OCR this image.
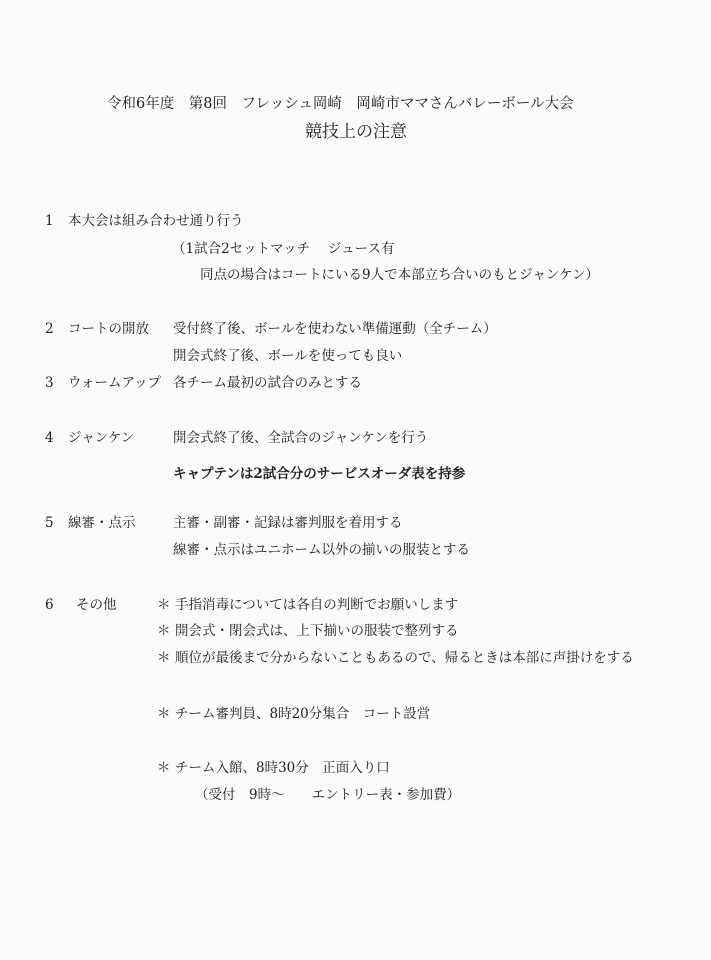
令和6年度　第8回　フレッシュ岡崎　岡崎市ママさんバレーボール大会
競技上の注意
1 本大会は組み合わせ通り行う
（1試合2セットマッチ　 ジュース有
同点の場合はコートにいる9人で本部立ち合いのもとジャンケン）
2 コートの開放 受付終了後、ボールを使わない準備運動（全チーム）
開会式終了後、ボールを使っても良い
3 ウォームアップ 各チーム最初の試合のみとする
4 ジャンケン	開会式終了後、全試合のジャンケンを行う
キャプテンは2試合分のサービスオーダ表を持参
5 線審・点示	主審・副審・記録は審判服を着用する
線審・点示はユニホーム以外の揃いの服装とする
6 その他	＊ 手指消毒については各自の判断でお願いします
＊ 開会式・閉会式は、上下揃いの服装で整列する
＊ 順位が最後まで分からないこともあるので、帰るときは本部に声掛けをする
＊ チーム審判員、8時20分集合　コート設営
＊ チーム入館、8時30分　正面入り口
（受付　9時～　　エントリー表・参加費）
